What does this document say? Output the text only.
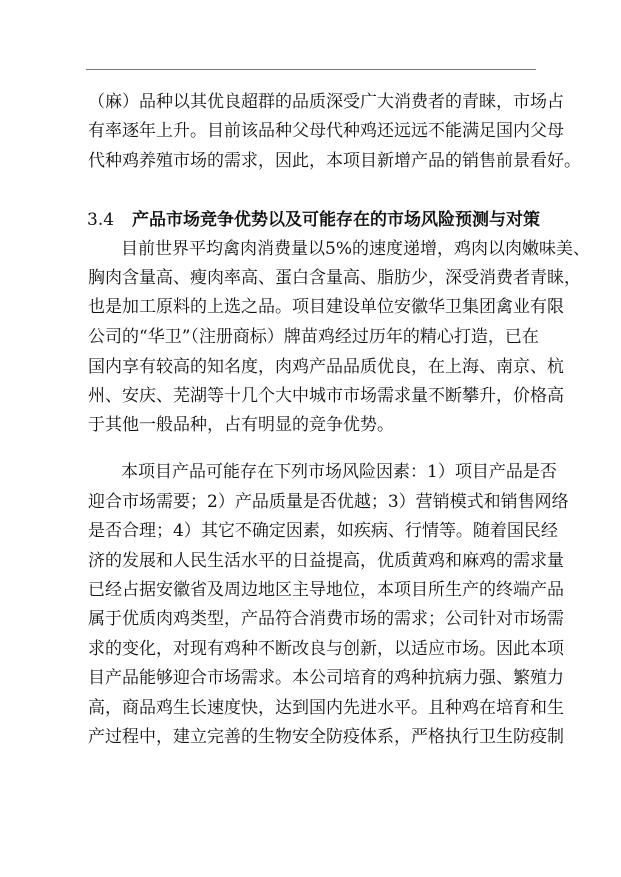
（麻）品种以其优良超群的品质深受广大消费者的青睐，市场占
有率逐年上升。目前该品种父母代种鸡还远远不能满足国内父母
代种鸡养殖市场的需求，因此，本项目新增产品的销售前景看好。
3.4 产品市场竞争优势以及可能存在的市场风险预测与对策
目前世界平均禽肉消费量以5%的速度递增，鸡肉以肉嫩味美、
胸肉含量高、瘦肉率高、蛋白含量高、脂肪少，深受消费者青睐，
也是加工原料的上选之品。项目建设单位安徽华卫集团禽业有限
公司的“华卫”（注册商标）牌苗鸡经过历年的精心打造，已在
国内享有较高的知名度，肉鸡产品品质优良，在上海、南京、杭
州、安庆、芜湖等十几个大中城市市场需求量不断攀升，价格高
于其他一般品种，占有明显的竞争优势。
本项目产品可能存在下列市场风险因素：1）项目产品是否
迎合市场需要；2）产品质量是否优越；3）营销模式和销售网络
是否合理；4）其它不确定因素，如疾病、行情等。随着国民经
济的发展和人民生活水平的日益提高，优质黄鸡和麻鸡的需求量
已经占据安徽省及周边地区主导地位，本项目所生产的终端产品
属于优质肉鸡类型，产品符合消费市场的需求；公司针对市场需
求的变化，对现有鸡种不断改良与创新，以适应市场。因此本项
目产品能够迎合市场需求。本公司培育的鸡种抗病力强、繁殖力
高，商品鸡生长速度快，达到国内先进水平。且种鸡在培育和生
产过程中，建立完善的生物安全防疫体系，严格执行卫生防疫制
